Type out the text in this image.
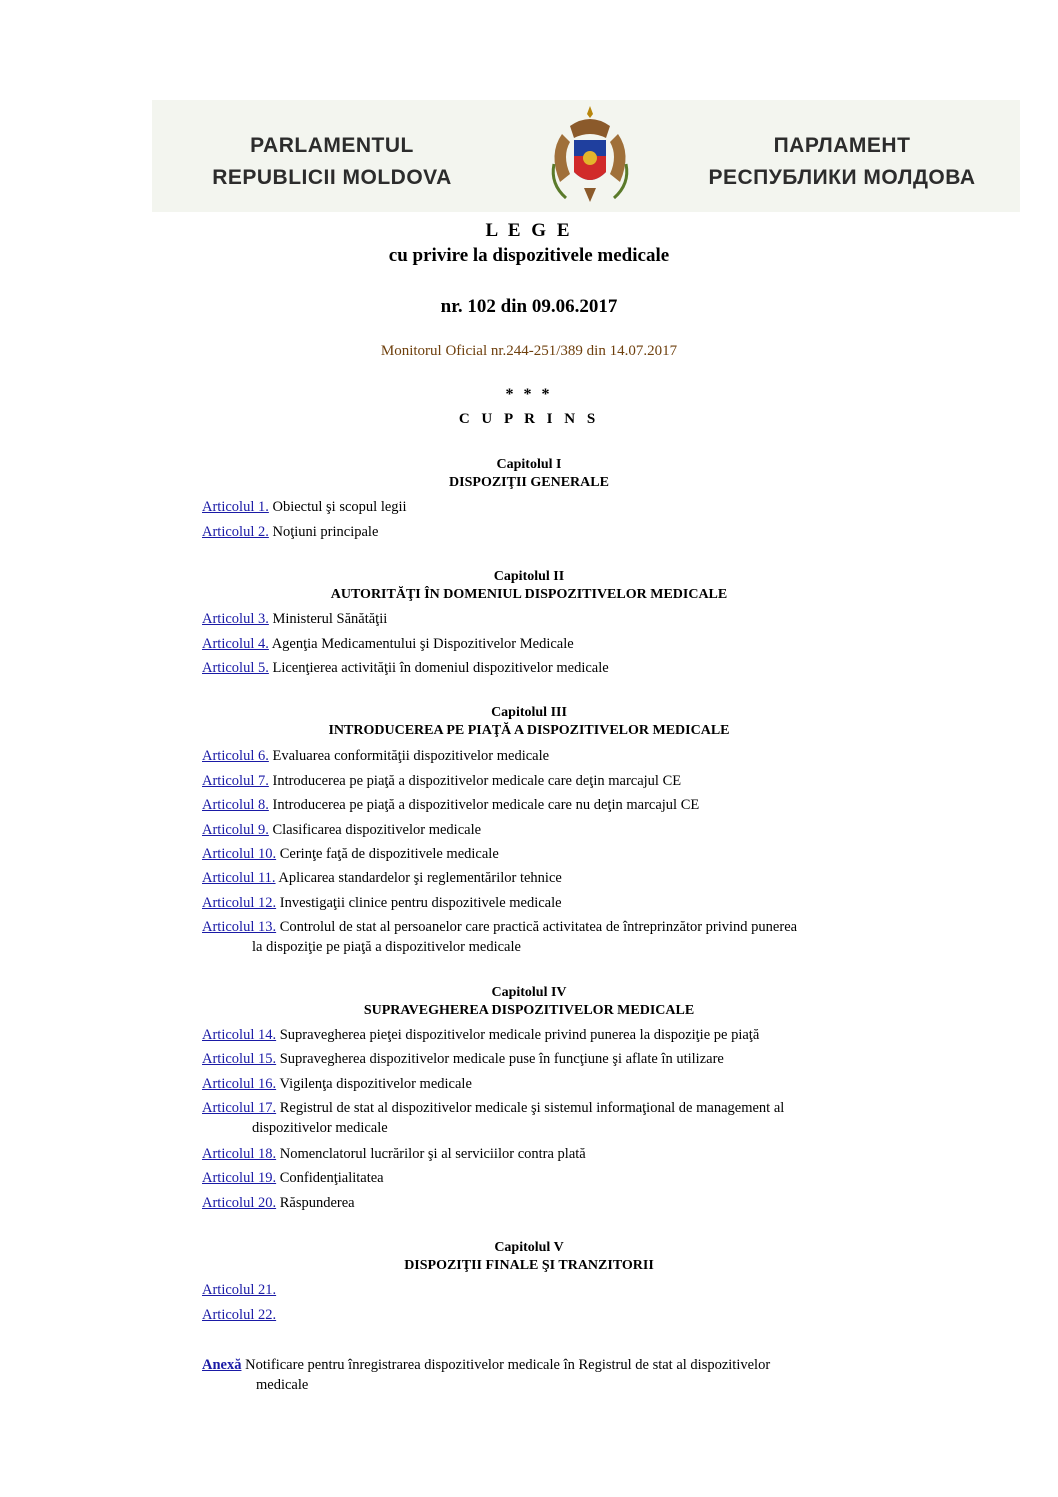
PARLAMENTUL
REPUBLICII MOLDOVA
ПАРЛАМЕНТ
РЕСПУБЛИКИ МОЛДОВА
L E G E
cu privire la dispozitivele medicale
nr. 102 din 09.06.2017
Monitorul Oficial nr.244-251/389 din 14.07.2017
* * *
C U P R I N S
Capitolul I
DISPOZIŢII GENERALE
Articolul 1. Obiectul şi scopul legii
Articolul 2. Noţiuni principale
Capitolul II
AUTORITĂŢI ÎN DOMENIUL DISPOZITIVELOR MEDICALE
Articolul 3. Ministerul Sănătăţii
Articolul 4. Agenţia Medicamentului şi Dispozitivelor Medicale
Articolul 5. Licenţierea activităţii în domeniul dispozitivelor medicale
Capitolul III
INTRODUCEREA PE PIAŢĂ A DISPOZITIVELOR MEDICALE
Articolul 6. Evaluarea conformităţii dispozitivelor medicale
Articolul 7. Introducerea pe piaţă a dispozitivelor medicale care deţin marcajul CE
Articolul 8. Introducerea pe piaţă a dispozitivelor medicale care nu deţin marcajul CE
Articolul 9. Clasificarea dispozitivelor medicale
Articolul 10. Cerinţe faţă de dispozitivele medicale
Articolul 11. Aplicarea standardelor şi reglementărilor tehnice
Articolul 12. Investigaţii clinice pentru dispozitivele medicale
Articolul 13. Controlul de stat al persoanelor care practică activitatea de întreprinzător privind punerea
la dispoziţie pe piaţă a dispozitivelor medicale
Capitolul IV
SUPRAVEGHEREA DISPOZITIVELOR MEDICALE
Articolul 14. Supravegherea pieţei dispozitivelor medicale privind punerea la dispoziţie pe piaţă
Articolul 15. Supravegherea dispozitivelor medicale puse în funcţiune şi aflate în utilizare
Articolul 16. Vigilenţa dispozitivelor medicale
Articolul 17. Registrul de stat al dispozitivelor medicale şi sistemul informaţional de management al
dispozitivelor medicale
Articolul 18. Nomenclatorul lucrărilor şi al serviciilor contra plată
Articolul 19. Confidenţialitatea
Articolul 20. Răspunderea
Capitolul V
DISPOZIŢII FINALE ŞI TRANZITORII
Articolul 21.
Articolul 22.
Anexă Notificare pentru înregistrarea dispozitivelor medicale în Registrul de stat al dispozitivelor
medicale
